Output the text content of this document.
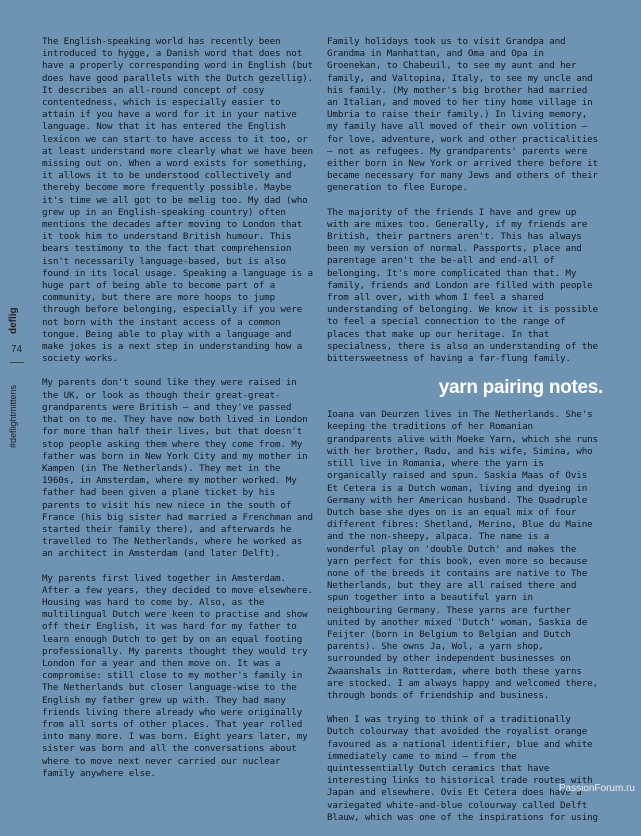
deflig
74
#deflightmittens

The English-speaking world has recently been introduced to hygge, a Danish word that does not have a properly corresponding word in English (but does have good parallels with the Dutch gezellig). It describes an all-round concept of cosy contentedness, which is especially easier to attain if you have a word for it in your native language. Now that it has entered the English lexicon we can start to have access to it too, or at least understand more clearly what we have been missing out on. When a word exists for something, it allows it to be understood collectively and thereby become more frequently possible. Maybe it's time we all got to be melig too. My dad (who grew up in an English-speaking country) often mentions the decades after moving to London that it took him to understand British humour. This bears testimony to the fact that comprehension isn't necessarily language-based, but is also found in its local usage. Speaking a language is a huge part of being able to become part of a community, but there are more hoops to jump through before belonging, especially if you were not born with the instant access of a common tongue. Being able to play with a language and make jokes is a next step in understanding how a society works.

My parents don't sound like they were raised in the UK, or look as though their great-great-grandparents were British – and they've passed that on to me. They have now both lived in London for more than half their lives, but that doesn't stop people asking them where they come from. My father was born in New York City and my mother in Kampen (in The Netherlands). They met in the 1960s, in Amsterdam, where my mother worked. My father had been given a plane ticket by his parents to visit his new niece in the south of France (his big sister had married a Frenchman and started their family there), and afterwards he travelled to The Netherlands, where he worked as an architect in Amsterdam (and later Delft).

My parents first lived together in Amsterdam. After a few years, they decided to move elsewhere. Housing was hard to come by. Also, as the multilingual Dutch were keen to practise and show off their English, it was hard for my father to learn enough Dutch to get by on an equal footing professionally. My parents thought they would try London for a year and then move on. It was a compromise: still close to my mother's family in The Netherlands but closer language-wise to the English my father grew up with. They had many friends living there already who were originally from all sorts of other places. That year rolled into many more. I was born. Eight years later, my sister was born and all the conversations about where to move next never carried our nuclear family anywhere else.

Family holidays took us to visit Grandpa and Grandma in Manhattan, and Oma and Opa in Groenekan, to Chabeuil, to see my aunt and her family, and Valtopina, Italy, to see my uncle and his family. (My mother's big brother had married an Italian, and moved to her tiny home village in Umbria to raise their family.) In living memory, my family have all moved of their own volition – for love, adventure, work and other practicalities – not as refugees. My grandparents' parents were either born in New York or arrived there before it became necessary for many Jews and others of their generation to flee Europe.

The majority of the friends I have and grew up with are mixes too. Generally, if my friends are British, their partners aren't. This has always been my version of normal. Passports, place and parentage aren't the be-all and end-all of belonging. It's more complicated than that. My family, friends and London are filled with people from all over, with whom I feel a shared understanding of belonging. We know it is possible to feel a special connection to the range of places that make up our heritage. In that specialness, there is also an understanding of the bittersweetness of having a far-flung family.

yarn pairing notes.

Ioana van Deurzen lives in The Netherlands. She's keeping the traditions of her Romanian grandparents alive with Moeke Yarn, which she runs with her brother, Radu, and his wife, Simina, who still live in Romania, where the yarn is organically raised and spun. Saskia Maas of Ovis Et Cetera is a Dutch woman, living and dyeing in Germany with her American husband. The Quadruple Dutch base she dyes on is an equal mix of four different fibres: Shetland, Merino, Blue du Maine and the non-sheepy, alpaca. The name is a wonderful play on 'double Dutch' and makes the yarn perfect for this book, even more so because none of the breeds it contains are native to The Netherlands, but they are all raised there and spun together into a beautiful yarn in neighbouring Germany. These yarns are further united by another mixed 'Dutch' woman, Saskia de Feijter (born in Belgium to Belgian and Dutch parents). She owns Ja, Wol, a yarn shop, surrounded by other independent businesses on Zwaanshals in Rotterdam, where both these yarns are stocked. I am always happy and welcomed there, through bonds of friendship and business.

When I was trying to think of a traditionally Dutch colourway that avoided the royalist orange favoured as a national identifier, blue and white immediately came to mind – from the quintessentially Dutch ceramics that have interesting links to historical trade routes with Japan and elsewhere. Ovis Et Cetera does have a variegated white-and-blue colourway called Delft Blauw, which was one of the inspirations for using

PassionForum.ru
